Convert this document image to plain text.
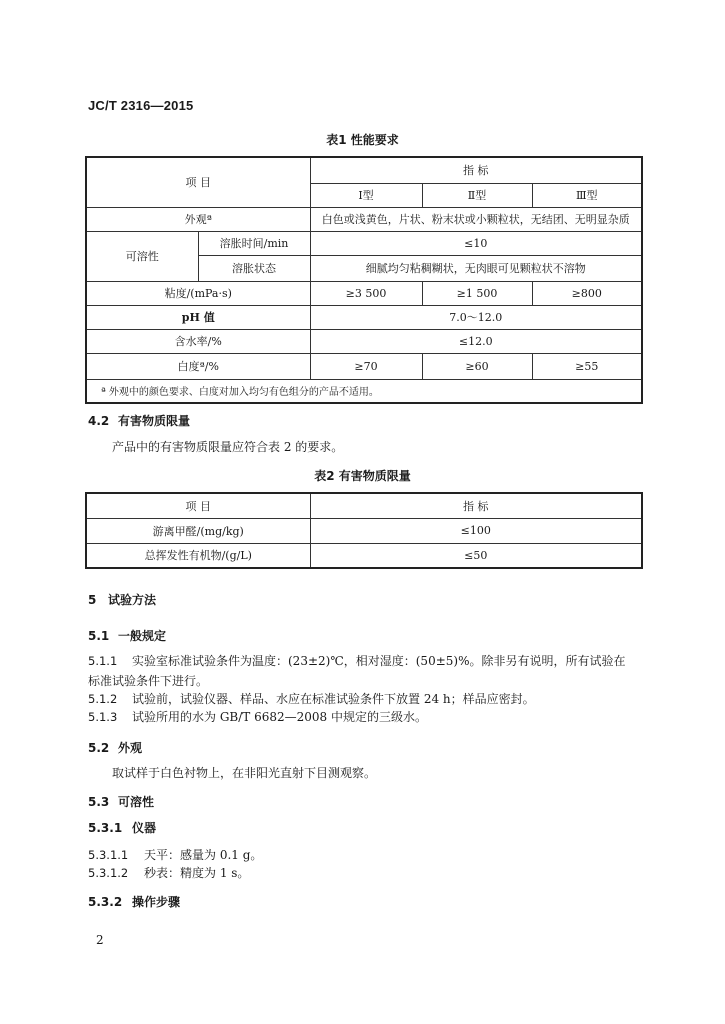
JC/T 2316—2015
表1 性能要求
项 目		指 标		
		Ⅰ型	Ⅱ型	Ⅲ型
外观ª		白色或浅黄色，片状、粉末状或小颗粒状，无结团、无明显杂质		
可溶性	溶胀时间/min	≤10		
	溶胀状态	细腻均匀粘稠糊状，无肉眼可见颗粒状不溶物		
粘度/(mPa·s)		≥3 500	≥1 500	≥800
pH 值		7.0～12.0		
含水率/%		≤12.0		
白度ª/%		≥70	≥60	≥55
ª 外观中的颜色要求、白度对加入均匀有色组分的产品不适用。				
4.2 有害物质限量
产品中的有害物质限量应符合表 2 的要求。
表2 有害物质限量
项 目	指 标
游离甲醛/(mg/kg)	≤100
总挥发性有机物/(g/L)	≤50
5 试验方法
5.1 一般规定
5.1.1 实验室标准试验条件为温度：(23±2)℃，相对湿度：(50±5)%。除非另有说明，所有试验在
标准试验条件下进行。
5.1.2 试验前，试验仪器、样品、水应在标准试验条件下放置 24 h；样品应密封。
5.1.3 试验所用的水为 GB/T 6682—2008 中规定的三级水。
5.2 外观
取试样于白色衬物上，在非阳光直射下目测观察。
5.3 可溶性
5.3.1 仪器
5.3.1.1 天平：感量为 0.1 g。
5.3.1.2 秒表：精度为 1 s。
5.3.2 操作步骤
2
